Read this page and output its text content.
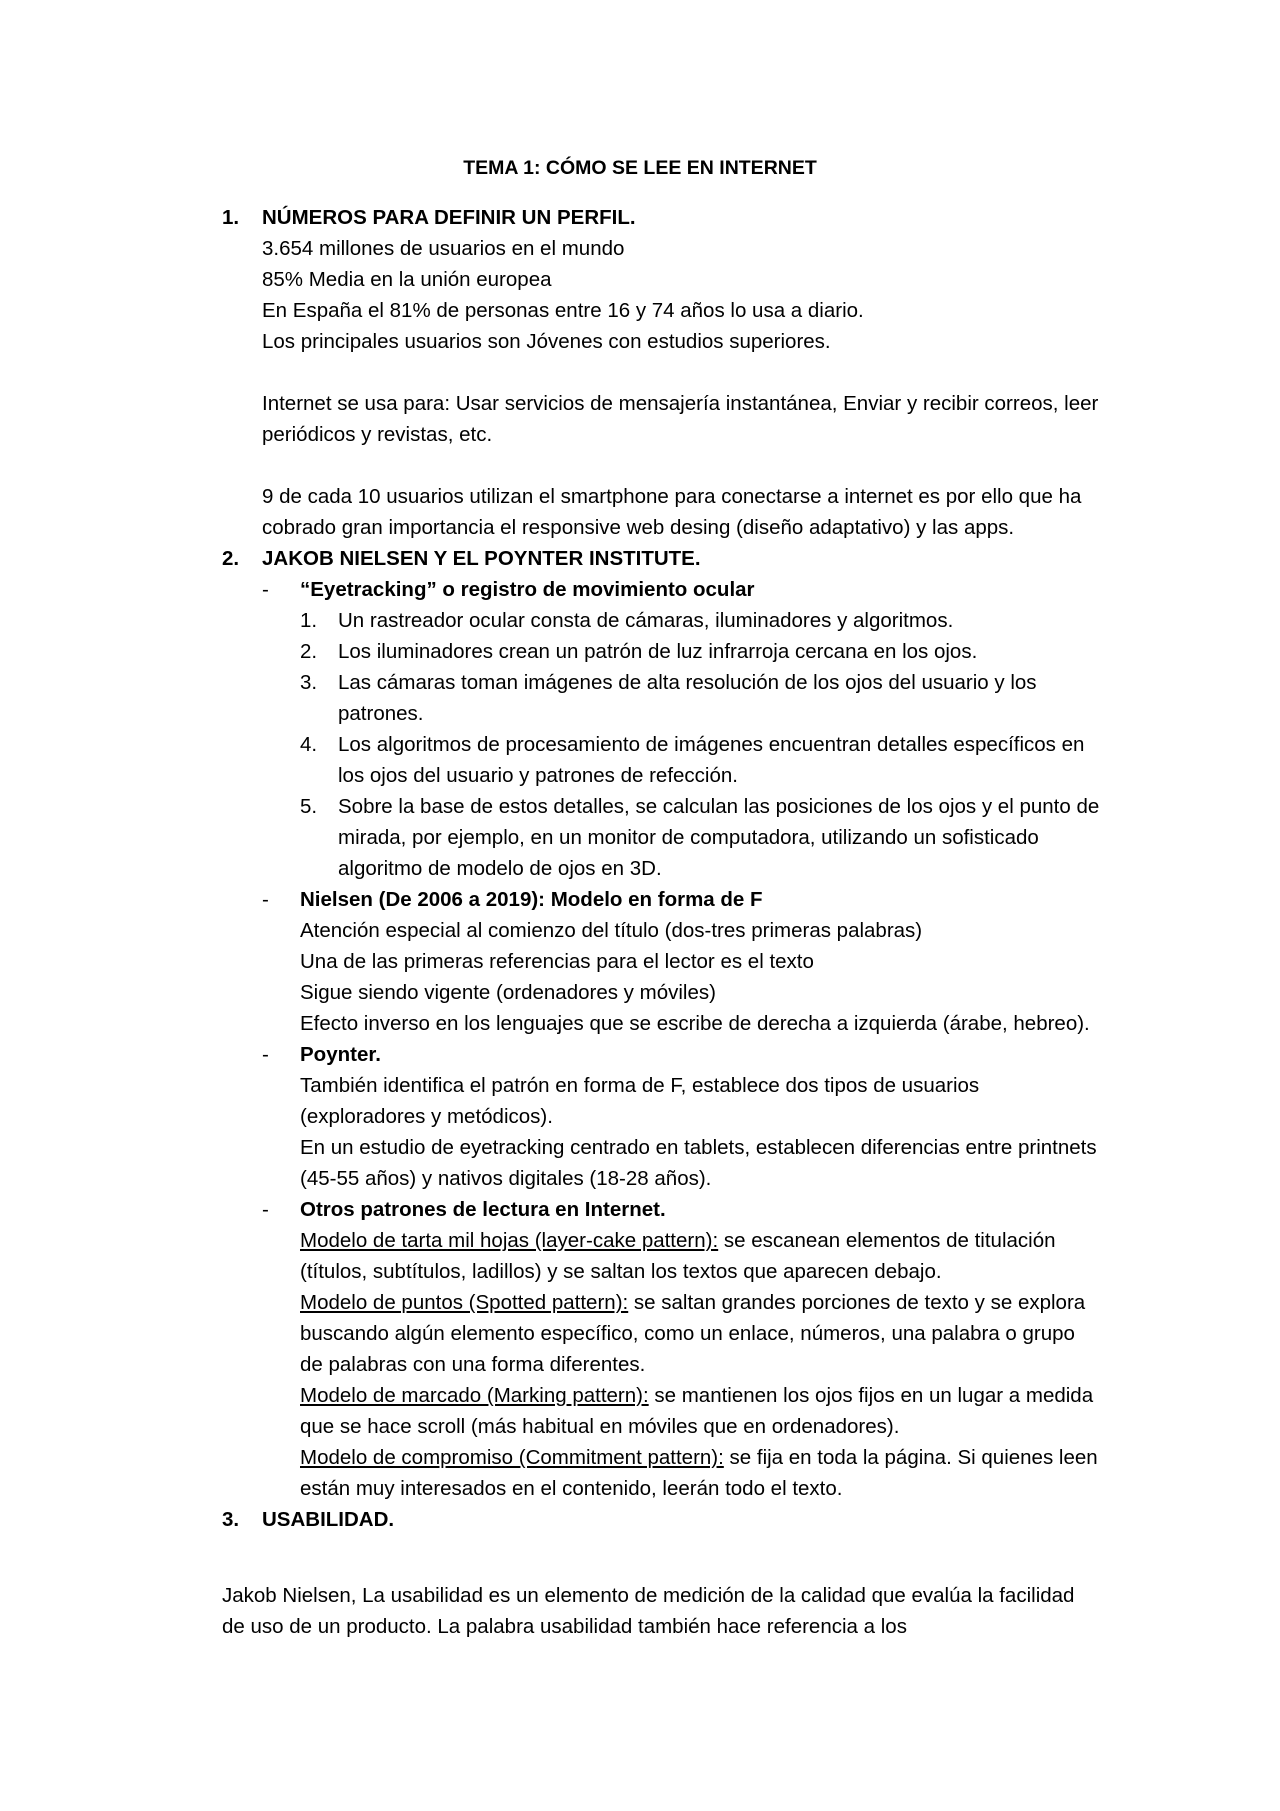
TEMA 1: CÓMO SE LEE EN INTERNET
1.	NÚMEROS PARA DEFINIR UN PERFIL.
3.654 millones de usuarios en el mundo
85% Media en la unión europea
En España el 81% de personas entre 16 y 74 años lo usa a diario.
Los principales usuarios son Jóvenes con estudios superiores.
Internet se usa para: Usar servicios de mensajería instantánea, Enviar y recibir correos, leer periódicos y revistas, etc.
9 de cada 10 usuarios utilizan el smartphone para conectarse a internet es por ello que ha cobrado gran importancia el responsive web desing (diseño adaptativo) y las apps.
2.	JAKOB NIELSEN Y EL POYNTER INSTITUTE.
-	“Eyetracking” o registro de movimiento ocular
1.	Un rastreador ocular consta de cámaras, iluminadores y algoritmos.
2.	Los iluminadores crean un patrón de luz infrarroja cercana en los ojos.
3.	Las cámaras toman imágenes de alta resolución de los ojos del usuario y los patrones.
4.	Los algoritmos de procesamiento de imágenes encuentran detalles específicos en los ojos del usuario y patrones de refección.
5.	Sobre la base de estos detalles, se calculan las posiciones de los ojos y el punto de mirada, por ejemplo, en un monitor de computadora, utilizando un sofisticado algoritmo de modelo de ojos en 3D.
-	Nielsen (De 2006 a 2019): Modelo en forma de F
Atención especial al comienzo del título (dos-tres primeras palabras)
Una de las primeras referencias para el lector es el texto
Sigue siendo vigente (ordenadores y móviles)
Efecto inverso en los lenguajes que se escribe de derecha a izquierda (árabe, hebreo).
-	Poynter.
También identifica el patrón en forma de F, establece dos tipos de usuarios (exploradores y metódicos).
En un estudio de eyetracking centrado en tablets, establecen diferencias entre printnets (45-55 años) y nativos digitales (18-28 años).
-	Otros patrones de lectura en Internet.
Modelo de tarta mil hojas (layer-cake pattern): se escanean elementos de titulación (títulos, subtítulos, ladillos) y se saltan los textos que aparecen debajo.
Modelo de puntos (Spotted pattern): se saltan grandes porciones de texto y se explora buscando algún elemento específico, como un enlace, números, una palabra o grupo de palabras con una forma diferentes.
Modelo de marcado (Marking pattern): se mantienen los ojos fijos en un lugar a medida que se hace scroll (más habitual en móviles que en ordenadores).
Modelo de compromiso (Commitment pattern): se fija en toda la página. Si quienes leen están muy interesados en el contenido, leerán todo el texto.
3.	USABILIDAD.
Jakob Nielsen, La usabilidad es un elemento de medición de la calidad que evalúa la facilidad de uso de un producto. La palabra usabilidad también hace referencia a los
